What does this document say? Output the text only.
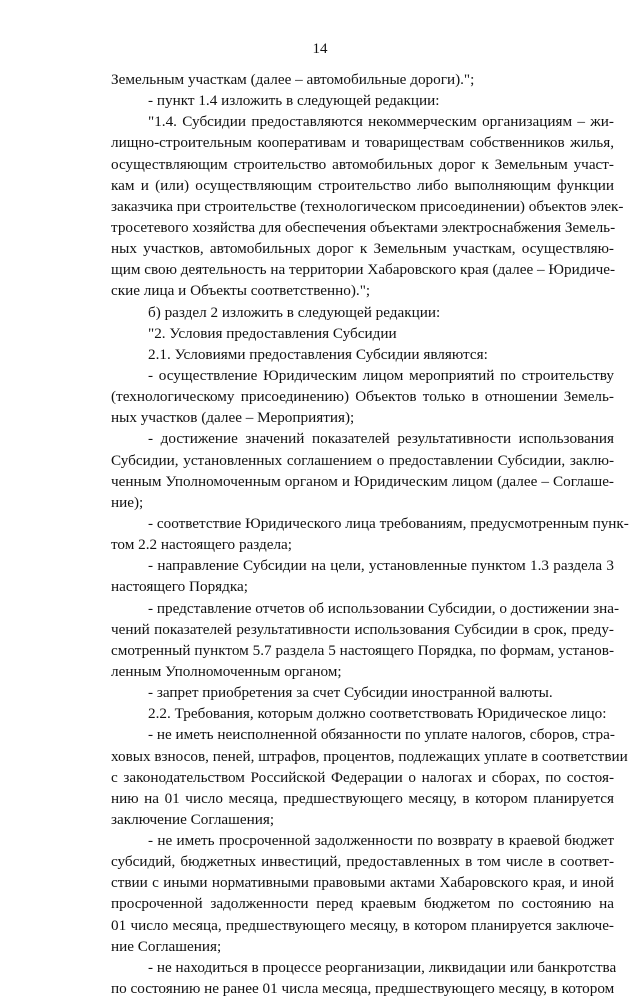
14
Земельным участкам (далее – автомобильные дороги).";
- пункт 1.4 изложить в следующей редакции:
"1.4. Субсидии предоставляются некоммерческим организациям – жи-
лищно-строительным кооперативам и товариществам собственников жилья,
осуществляющим строительство автомобильных дорог к Земельным участ-
кам и (или) осуществляющим строительство либо выполняющим функции
заказчика при строительстве (технологическом присоединении) объектов элек-
тросетевого хозяйства для обеспечения объектами электроснабжения Земель-
ных участков, автомобильных дорог к Земельным участкам, осуществляю-
щим свою деятельность на территории Хабаровского края (далее – Юридиче-
ские лица и Объекты соответственно).";
б) раздел 2 изложить в следующей редакции:
"2. Условия предоставления Субсидии
2.1. Условиями предоставления Субсидии являются:
- осуществление Юридическим лицом мероприятий по строительству
(технологическому присоединению) Объектов только в отношении Земель-
ных участков (далее – Мероприятия);
- достижение значений показателей результативности использования
Субсидии, установленных соглашением о предоставлении Субсидии, заклю-
ченным Уполномоченным органом и Юридическим лицом (далее – Соглаше-
ние);
- соответствие Юридического лица требованиям, предусмотренным пунк-
том 2.2 настоящего раздела;
- направление Субсидии на цели, установленные пунктом 1.3 раздела 3
настоящего Порядка;
- представление отчетов об использовании Субсидии, о достижении зна-
чений показателей результативности использования Субсидии в срок, преду-
смотренный пунктом 5.7 раздела 5 настоящего Порядка, по формам, установ-
ленным Уполномоченным органом;
- запрет приобретения за счет Субсидии иностранной валюты.
2.2. Требования, которым должно соответствовать Юридическое лицо:
- не иметь неисполненной обязанности по уплате налогов, сборов, стра-
ховых взносов, пеней, штрафов, процентов, подлежащих уплате в соответствии
с законодательством Российской Федерации о налогах и сборах, по состоя-
нию на 01 число месяца, предшествующего месяцу, в котором планируется
заключение Соглашения;
- не иметь просроченной задолженности по возврату в краевой бюджет
субсидий, бюджетных инвестиций, предоставленных в том числе в соответ-
ствии с иными нормативными правовыми актами Хабаровского края, и иной
просроченной задолженности перед краевым бюджетом по состоянию на
01 число месяца, предшествующего месяцу, в котором планируется заключе-
ние Соглашения;
- не находиться в процессе реорганизации, ликвидации или банкротства
по состоянию не ранее 01 числа месяца, предшествующего месяцу, в котором
